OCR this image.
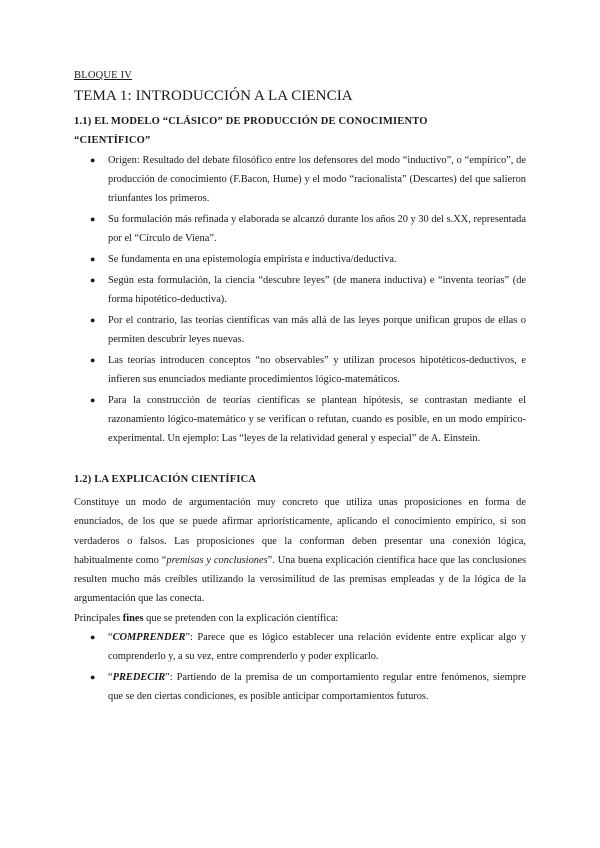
BLOQUE IV
TEMA 1: INTRODUCCIÓN A LA CIENCIA
1.1) EL MODELO “CLÁSICO” DE PRODUCCIÓN DE CONOCIMIENTO
“CIENTÍFICO”
● Origen: Resultado del debate filosófico entre los defensores del modo “inductivo”, o “empírico”, de producción de conocimiento (F.Bacon, Hume) y el modo “racionalista” (Descartes) del que salieron triunfantes los primeros.
● Su formulación más refinada y elaborada se alcanzó durante los años 20 y 30 del s.XX, representada por el “Círculo de Viena”.
● Se fundamenta en una epistemología empirista e inductiva/deductiva.
● Según esta formulación, la ciencia “descubre leyes” (de manera inductiva) e “inventa teorías” (de forma hipotético-deductiva).
● Por el contrario, las teorías científicas van más allá de las leyes porque unifican grupos de ellas o permiten descubrir leyes nuevas.
● Las teorías introducen conceptos “no observables” y utilizan procesos hipotéticos-deductivos, e infieren sus enunciados mediante procedimientos lógico-matemáticos.
● Para la construcción de teorías científicas se plantean hipótesis, se contrastan mediante el razonamiento lógico-matemático y se verifican o refutan, cuando es posible, en un modo empírico-experimental. Un ejemplo: Las “leyes de la relatividad general y especial” de A. Einstein.
1.2) LA EXPLICACIÓN CIENTÍFICA

Constituye un modo de argumentación muy concreto que utiliza unas proposiciones en forma de enunciados, de los que se puede afirmar apriorísticamente, aplicando el conocimiento empírico, si son verdaderos o falsos. Las proposiciones que la conforman deben presentar una conexión lógica, habitualmente como “premisas y conclusiones”. Una buena explicación científica hace que las conclusiones resulten mucho más creíbles utilizando la verosimilitud de las premisas empleadas y de la lógica de la argumentación que las conecta.

Principales fines que se pretenden con la explicación científica:

● “COMPRENDER”: Parece que es lógico establecer una relación evidente entre explicar algo y comprenderlo y, a su vez, entre comprenderlo y poder explicarlo.
● “PREDECIR”: Partiendo de la premisa de un comportamiento regular entre fenómenos, siempre que se den ciertas condiciones, es posible anticipar comportamientos futuros.
